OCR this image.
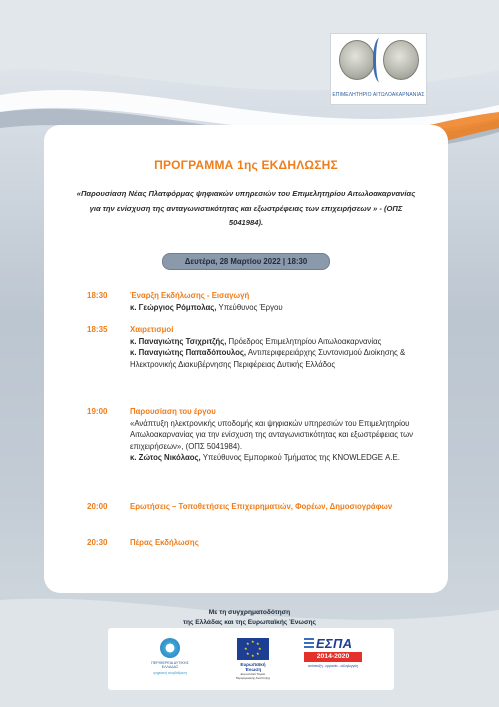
ΕΠΙΜΕΛΗΤΗΡΙΟ ΑΙΤΩΛΟΑΚΑΡΝΑΝΙΑΣ
ΠΡΟΓΡΑΜΜΑ 1ης ΕΚΔΗΛΩΣΗΣ
«Παρουσίαση Νέας Πλατφόρμας ψηφιακών υπηρεσιών του Επιμελητηρίου Αιτωλοακαρνανίας για την ενίσχυση της ανταγωνιστικότητας και εξωστρέφειας των επιχειρήσεων » - (ΟΠΣ 5041984).
Δευτέρα, 28 Μαρτίου 2022 | 18:30
18:30	Έναρξη Εκδήλωσης - Εισαγωγή
κ. Γεώργιος Ρόμπολας, Υπεύθυνος Έργου
18:35	Χαιρετισμοί
κ. Παναγιώτης Τσιχριτζής, Πρόεδρος Επιμελητηρίου Αιτωλοακαρνανίας
κ. Παναγιώτης Παπαδόπουλος, Αντιπεριφερειάρχης Συντονισμού Διοίκησης & Ηλεκτρονικής Διακυβέρνησης Περιφέρειας Δυτικής Ελλάδος
19:00	Παρουσίαση του έργου
«Ανάπτυξη ηλεκτρονικής υποδομής και ψηφιακών υπηρεσιών του Επιμελητηρίου Αιτωλοακαρνανίας για την ενίσχυση της ανταγωνιστικότητας και εξωστρέφειας των επιχειρήσεων», (ΟΠΣ 5041984).
κ. Ζώτος Νικόλαος, Υπεύθυνος Εμπορικού Τμήματος της KNOWLEDGE Α.Ε.
20:00	Ερωτήσεις – Τοποθετήσεις Επιχειρηματιών, Φορέων, Δημοσιογράφων
20:30	Πέρας Εκδήλωσης
Με τη συγχρηματοδότηση
της Ελλάδας και της Ευρωπαϊκής Ένωσης
ΠΕΡΙΦΕΡΕΙΑ ΔΥΤΙΚΗΣ ΕΛΛΑΔΑΣ
ψηφιακή αναβάθμιση
★ ★
★
★
★
★
★
★
Ευρωπαϊκή Ένωση
Ευρωπαϊκό Ταμείο Περιφερειακής Ανάπτυξης
ΕΣΠΑ
2014-2020
ανάπτυξη - εργασία - αλληλεγγύη
